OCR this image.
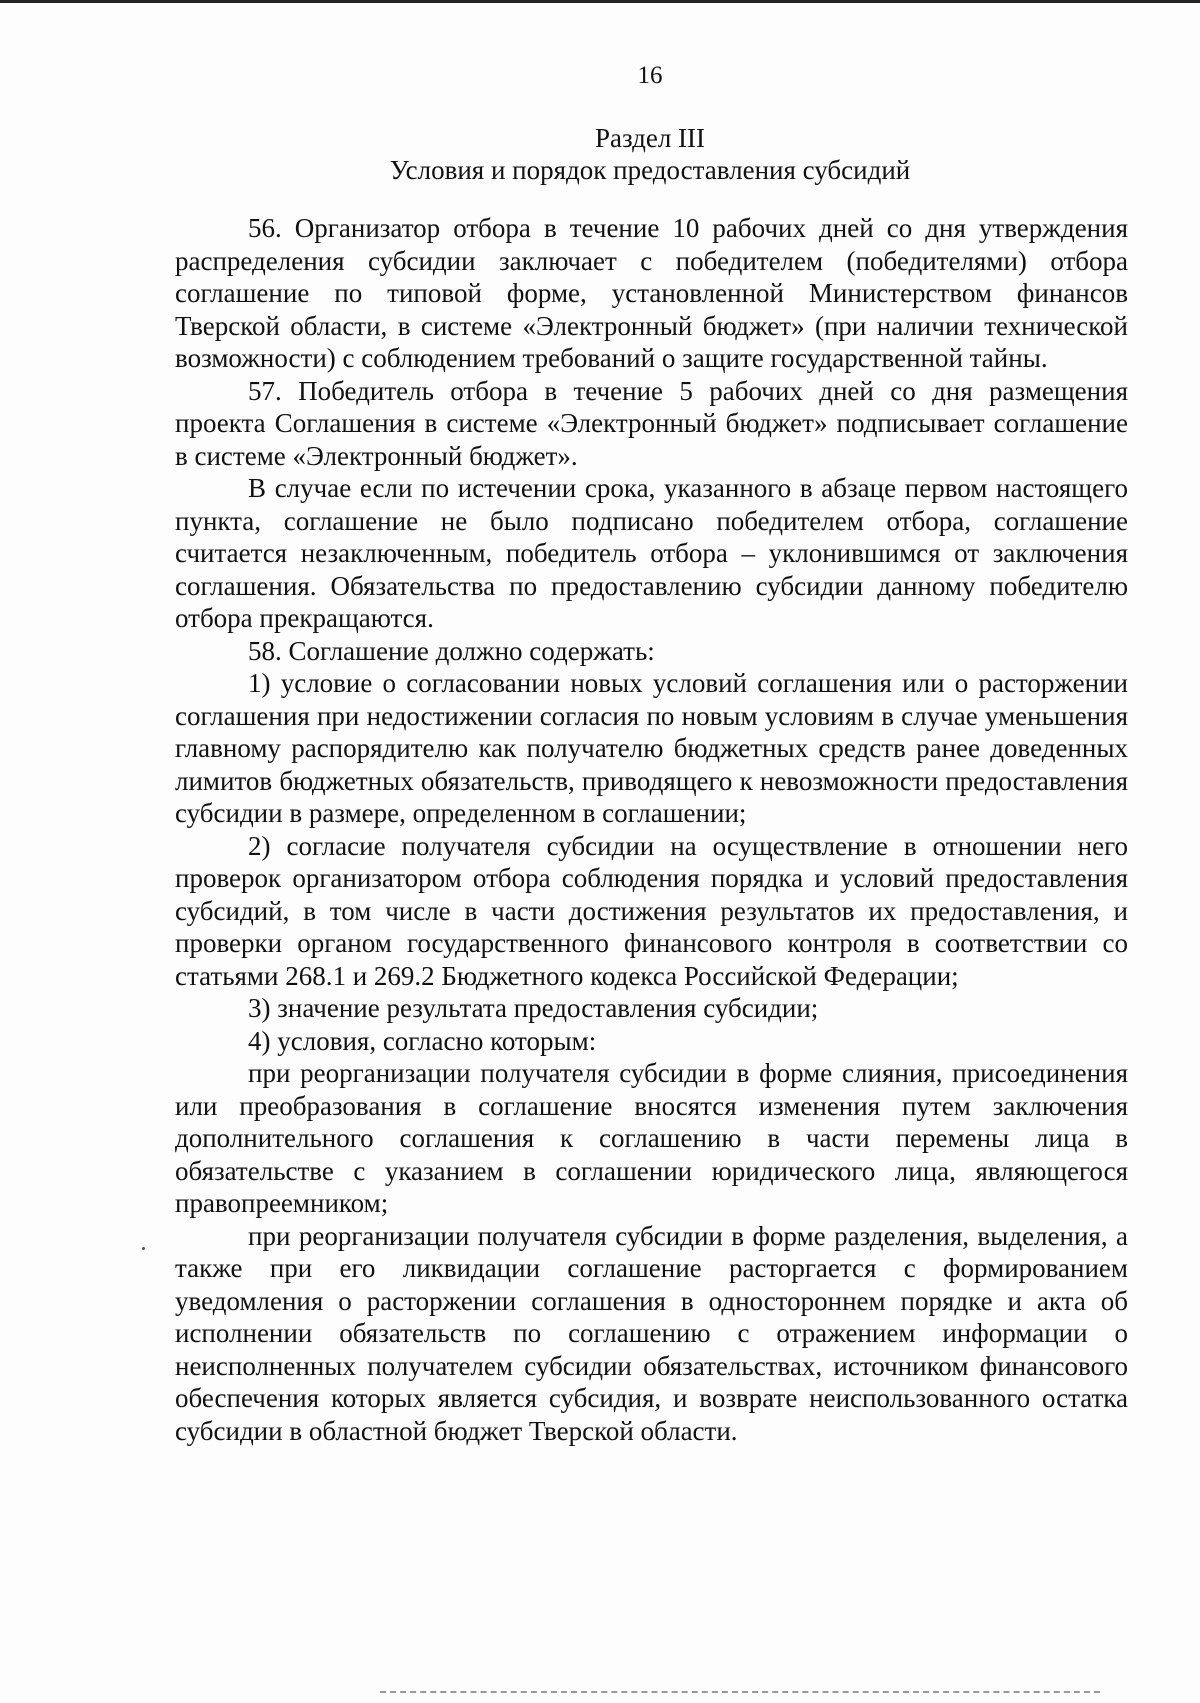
16
Раздел III
Условия и порядок предоставления субсидий

56. Организатор отбора в течение 10 рабочих дней со дня утверждения распределения субсидии заключает с победителем (победителями) отбора соглашение по типовой форме, установленной Министерством финансов Тверской области, в системе «Электронный бюджет» (при наличии технической возможности) с соблюдением требований о защите государственной тайны.

57. Победитель отбора в течение 5 рабочих дней со дня размещения проекта Соглашения в системе «Электронный бюджет» подписывает соглашение в системе «Электронный бюджет».

В случае если по истечении срока, указанного в абзаце первом настоящего пункта, соглашение не было подписано победителем отбора, соглашение считается незаключенным, победитель отбора – уклонившимся от заключения соглашения. Обязательства по предоставлению субсидии данному победителю отбора прекращаются.

58. Соглашение должно содержать:

1) условие о согласовании новых условий соглашения или о расторжении соглашения при недостижении согласия по новым условиям в случае уменьшения главному распорядителю как получателю бюджетных средств ранее доведенных лимитов бюджетных обязательств, приводящего к невозможности предоставления субсидии в размере, определенном в соглашении;

2) согласие получателя субсидии на осуществление в отношении него проверок организатором отбора соблюдения порядка и условий предоставления субсидий, в том числе в части достижения результатов их предоставления, и проверки органом государственного финансового контроля в соответствии со статьями 268.1 и 269.2 Бюджетного кодекса Российской Федерации;

3) значение результата предоставления субсидии;

4) условия, согласно которым:

при реорганизации получателя субсидии в форме слияния, присоединения или преобразования в соглашение вносятся изменения путем заключения дополнительного соглашения к соглашению в части перемены лица в обязательстве с указанием в соглашении юридического лица, являющегося правопреемником;

при реорганизации получателя субсидии в форме разделения, выделения, а также при его ликвидации соглашение расторгается с формированием уведомления о расторжении соглашения в одностороннем порядке и акта об исполнении обязательств по соглашению с отражением информации о неисполненных получателем субсидии обязательствах, источником финансового обеспечения которых является субсидия, и возврате неиспользованного остатка субсидии в областной бюджет Тверской области.
